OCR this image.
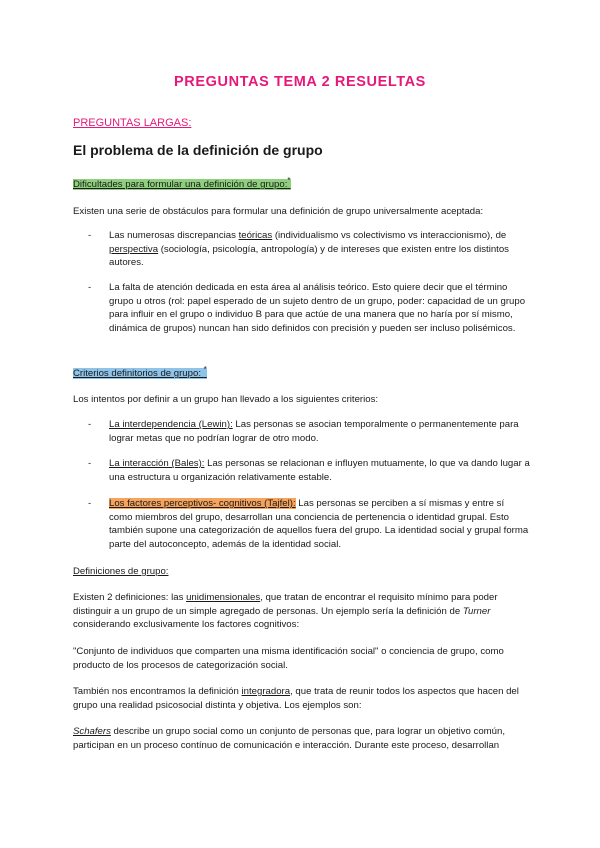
PREGUNTAS TEMA 2 RESUELTAS
PREGUNTAS LARGAS:
El problema de la definición de grupo

Dificultades para formular una definición de grupo:*

Existen una serie de obstáculos para formular una definición de grupo universalmente aceptada:

- Las numerosas discrepancias teóricas (individualismo vs colectivismo vs interaccionismo), de perspectiva (sociología, psicología, antropología) y de intereses que existen entre los distintos autores.
- La falta de atención dedicada en esta área al análisis teórico. Esto quiere decir que el término grupo u otros (rol: papel esperado de un sujeto dentro de un grupo, poder: capacidad de un grupo para influir en el grupo o individuo B para que actúe de una manera que no haría por sí mismo, dinámica de grupos) nuncan han sido definidos con precisión y pueden ser incluso polisémicos.

Criterios definitorios de grupo: *

Los intentos por definir a un grupo han llevado a los siguientes criterios:

- La interdependencia (Lewin): Las personas se asocian temporalmente o permanentemente para lograr metas que no podrían lograr de otro modo.
- La interacción (Bales): Las personas se relacionan e influyen mutuamente, lo que va dando lugar a una estructura u organización relativamente estable.
- Los factores perceptivos- cognitivos (Tajfel): Las personas se perciben a sí mismas y entre sí como miembros del grupo, desarrollan una conciencia de pertenencia o identidad grupal. Esto también supone una categorización de aquellos fuera del grupo. La identidad social y grupal forma parte del autoconcepto, además de la identidad social.

Definiciones de grupo:

Existen 2 definiciones: las unidimensionales, que tratan de encontrar el requisito mínimo para poder distinguir a un grupo de un simple agregado de personas. Un ejemplo sería la definición de Turner considerando exclusivamente los factores cognitivos:

"Conjunto de individuos que comparten una misma identificación social" o conciencia de grupo, como producto de los procesos de categorización social.

También nos encontramos la definición integradora, que trata de reunir todos los aspectos que hacen del grupo una realidad psicosocial distinta y objetiva. Los ejemplos son:

Schafers describe un grupo social como un conjunto de personas que, para lograr un objetivo común, participan en un proceso contínuo de comunicación e interacción. Durante este proceso, desarrollan
